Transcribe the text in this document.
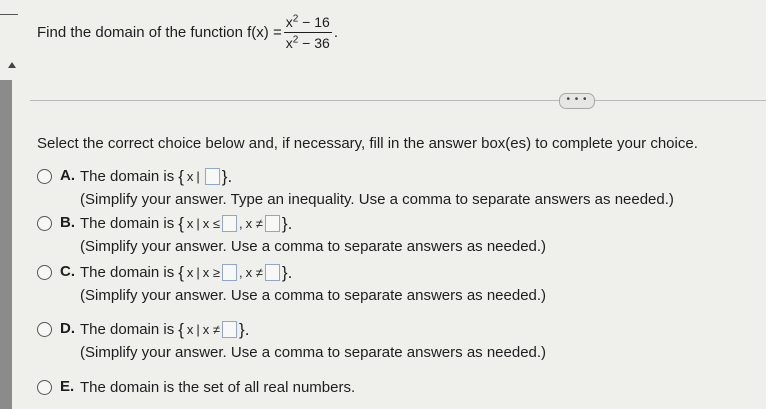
Find the domain of the function $f(x) = \frac{x^2 - 16}{x^2 - 36}$ .
• • •
Select the correct choice below and, if necessary, fill in the answer box(es) to complete your choice.
A. The domain is { x | }.
(Simplify your answer. Type an inequality. Use a comma to separate answers as needed.)
B. The domain is { x | x ≤ , x ≠ }.
(Simplify your answer. Use a comma to separate answers as needed.)
C. The domain is { x | x ≥ , x ≠ }.
(Simplify your answer. Use a comma to separate answers as needed.)
D. The domain is { x | x ≠ }.
(Simplify your answer. Use a comma to separate answers as needed.)
E. The domain is the set of all real numbers.
